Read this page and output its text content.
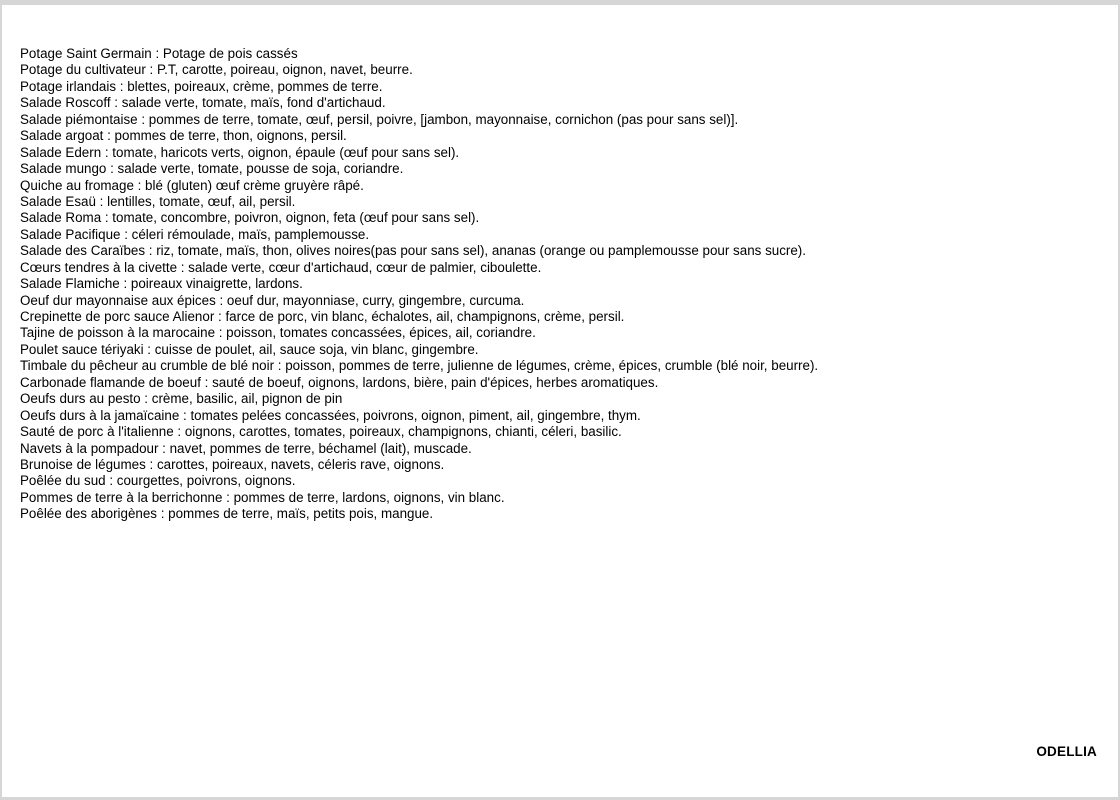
Potage Saint Germain : Potage de pois cassés
Potage du cultivateur : P.T, carotte, poireau, oignon, navet, beurre.
Potage irlandais : blettes, poireaux, crème, pommes de terre.
Salade Roscoff : salade verte, tomate, maïs, fond d'artichaud.
Salade piémontaise : pommes de terre, tomate, œuf, persil, poivre, [jambon, mayonnaise, cornichon (pas pour sans sel)].
Salade argoat : pommes de terre, thon, oignons, persil.
Salade Edern : tomate, haricots verts, oignon, épaule (œuf pour sans sel).
Salade mungo : salade verte, tomate, pousse de soja, coriandre.
Quiche au fromage : blé (gluten) œuf crème gruyère râpé.
Salade Esaü : lentilles, tomate, œuf, ail, persil.
Salade Roma : tomate, concombre, poivron, oignon, feta (œuf pour sans sel).
Salade Pacifique : céleri rémoulade, maïs, pamplemousse.
Salade des Caraïbes : riz, tomate, maïs, thon, olives noires(pas pour sans sel), ananas (orange ou pamplemousse pour sans sucre).
Cœurs tendres à la civette : salade verte, cœur d'artichaud, cœur de palmier, ciboulette.
Salade Flamiche : poireaux vinaigrette, lardons.
Oeuf dur mayonnaise aux épices : oeuf dur, mayonniase, curry, gingembre, curcuma.
Crepinette de porc sauce Alienor : farce de porc, vin blanc, échalotes, ail, champignons, crème, persil.
Tajine de poisson à la marocaine : poisson, tomates concassées, épices, ail, coriandre.
Poulet sauce tériyaki : cuisse de poulet, ail, sauce soja, vin blanc, gingembre.
Timbale du pêcheur au crumble de blé noir : poisson, pommes de terre, julienne de légumes, crème, épices, crumble (blé noir, beurre).
Carbonade flamande de boeuf : sauté de boeuf, oignons, lardons, bière, pain d'épices, herbes aromatiques.
Oeufs durs au pesto : crème, basilic, ail, pignon de pin
Oeufs durs à la jamaïcaine : tomates pelées concassées, poivrons, oignon, piment, ail, gingembre, thym.
Sauté de porc à l'italienne : oignons, carottes, tomates, poireaux, champignons, chianti, céleri, basilic.
Navets à la pompadour : navet, pommes de terre, béchamel (lait), muscade.
Brunoise de légumes : carottes, poireaux, navets, céleris rave, oignons.
Poêlée du sud : courgettes, poivrons, oignons.
Pommes de terre à la berrichonne : pommes de terre, lardons, oignons, vin blanc.
Poêlée des aborigènes : pommes de terre, maïs, petits pois, mangue.
ODELLIA
